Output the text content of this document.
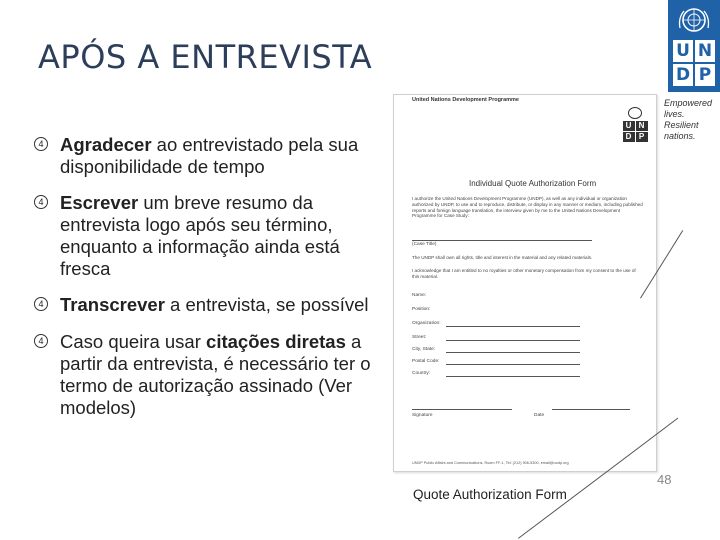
APÓS A ENTREVISTA	U N
D P
Empowered lives. Resilient nations.
4 Agradecer ao entrevistado pela sua disponibilidade de tempo
4 Escrever um breve resumo da entrevista logo após seu término, enquanto a informação ainda está fresca
4 Transcrever a entrevista, se possível
4 Caso queira usar citações diretas a partir da entrevista, é necessário ter o termo de autorização assinado (Ver modelos)
United Nations Development Programme
U N
D P
Individual Quote Authorization Form
I authorize the United Nations Development Programme (UNDP), as well as any individual or organization authorized by UNDP, to use and to reproduce, distribute, or display in any manner or medium, including published reports and foreign language translation, the interview given by me to the United Nations Development Programme for Case Study:
(Case Title)
The UNDP shall own all rights, title and interest in the material and any related materials.
I acknowledge that I am entitled to no royalties or other monetary compensation from my consent to the use of this material.
Name:
Position:
Organization:
Street:
City, State:
Postal Code:
Country:
Signature	Date
UNDP Public Affairs and Communications, Room FF-1, Tel: (212) 906-5300, email@undp.org
Quote Authorization Form
48
